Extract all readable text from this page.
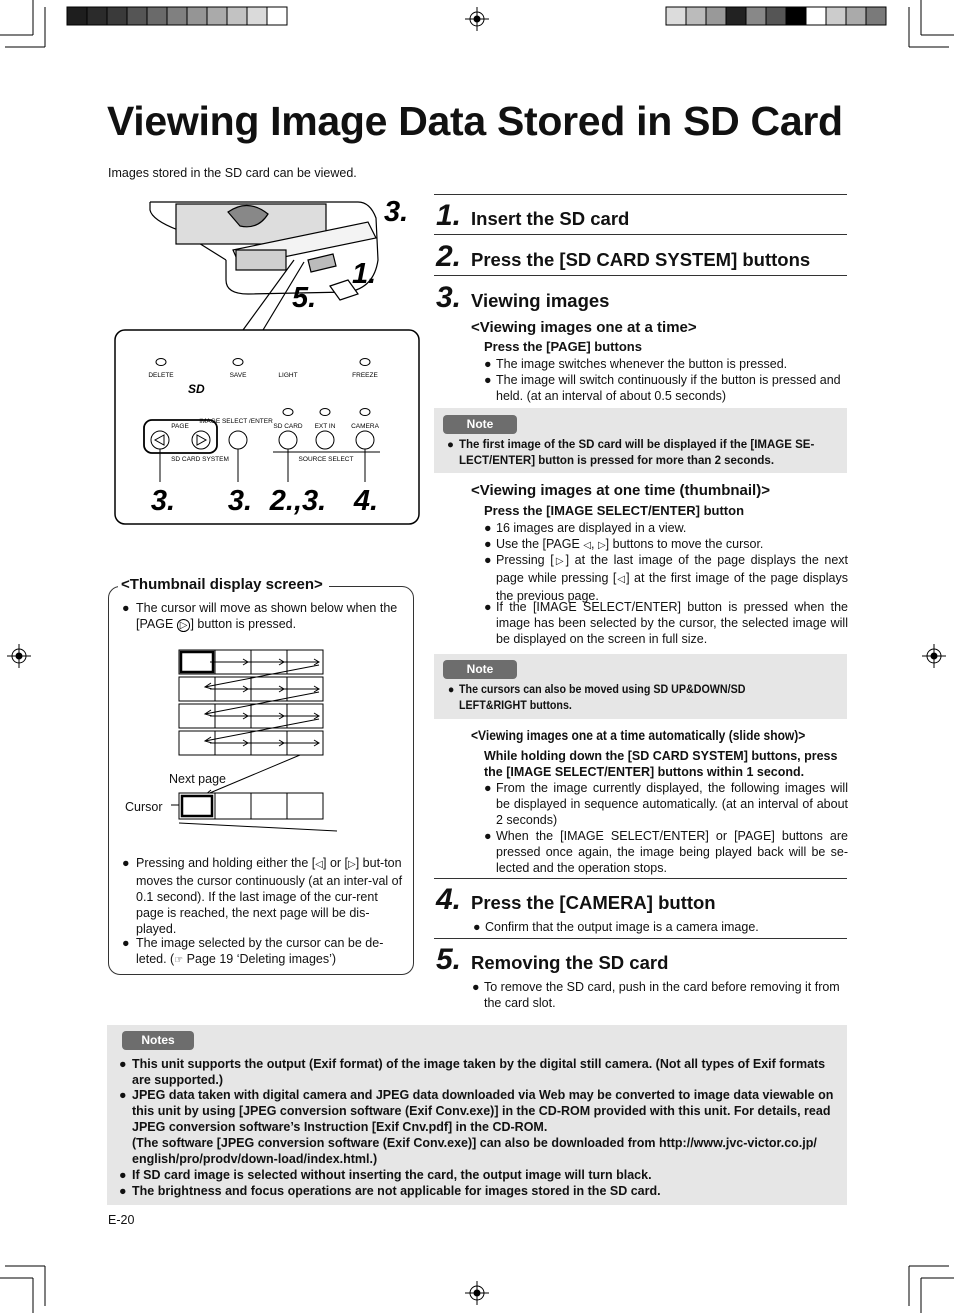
Viewing Image Data Stored in SD Card
Images stored in the SD card can be viewed.
3.
1.
5.
DELETE	SAVE	LIGHT	FREEZE
PAGE
IMAGE SELECT /ENTER
SD CARD EXT IN CAMERA
SD CARD SYSTEM	SOURCE SELECT
SD
3. 3. 2.,3. 4.
<Thumbnail display screen>
● The cursor will move as shown below when the [PAGE ▷ ] button is pressed.
Next page
Cursor
● Pressing and holding either the [◁] or [▷] but-ton moves the cursor continuously (at an inter-val of 0.1 second). If the last image of the cur-rent page is reached, the next page will be dis-played.
● The image selected by the cursor can be de-leted. (☞ Page 19 ‘Deleting images’)
1. Insert the SD card
2. Press the [SD CARD SYSTEM] buttons
3. Viewing images
<Viewing images one at a time>
Press the [PAGE] buttons
● The image switches whenever the button is pressed.
● The image will switch continuously if the button is pressed and held. (at an interval of about 0.5 seconds)
Note
● The first image of the SD card will be displayed if the [IMAGE SE-LECT/ENTER] button is pressed for more than 2 seconds.
<Viewing images at one time (thumbnail)>
Press the [IMAGE SELECT/ENTER] button
● 16 images are displayed in a view.
● Use the [PAGE ◁, ▷] buttons to move the cursor.
● Pressing [▷] at the last image of the page displays the next page while pressing [◁] at the first image of the page displays the previous page.
● If the [IMAGE SELECT/ENTER] button is pressed when the image has been selected by the cursor, the selected image will be displayed on the screen in full size.
Note
● The cursors can also be moved using SD UP&DOWN/SD LEFT&RIGHT buttons.
<Viewing images one at a time automatically (slide show)>
While holding down the [SD CARD SYSTEM] buttons, press the [IMAGE SELECT/ENTER] buttons within 1 second.
● From the image currently displayed, the following images will be displayed in sequence automatically. (at an interval of about 2 seconds)
● When the [IMAGE SELECT/ENTER] or [PAGE] buttons are pressed once again, the image being played back will be se-lected and the operation stops.
4. Press the [CAMERA] button
● Confirm that the output image is a camera image.
5. Removing the SD card
● To remove the SD card, push in the card before removing it from the card slot.
Notes
● This unit supports the output (Exif format) of the image taken by the digital still camera. (Not all types of Exif formats are supported.)
● JPEG data taken with digital camera and JPEG data downloaded via Web may be converted to image data viewable on this unit by using [JPEG conversion software (Exif Conv.exe)] in the CD-ROM provided with this unit. For details, read JPEG conversion software’s Instruction [Exif Cnv.pdf] in the CD-ROM.
(The software [JPEG conversion software (Exif Conv.exe)] can also be downloaded from http://www.jvc-victor.co.jp/ english/pro/prodv/down-load/index.html.)
● If SD card image is selected without inserting the card, the output image will turn black.
● The brightness and focus operations are not applicable for images stored in the SD card.
E-20
